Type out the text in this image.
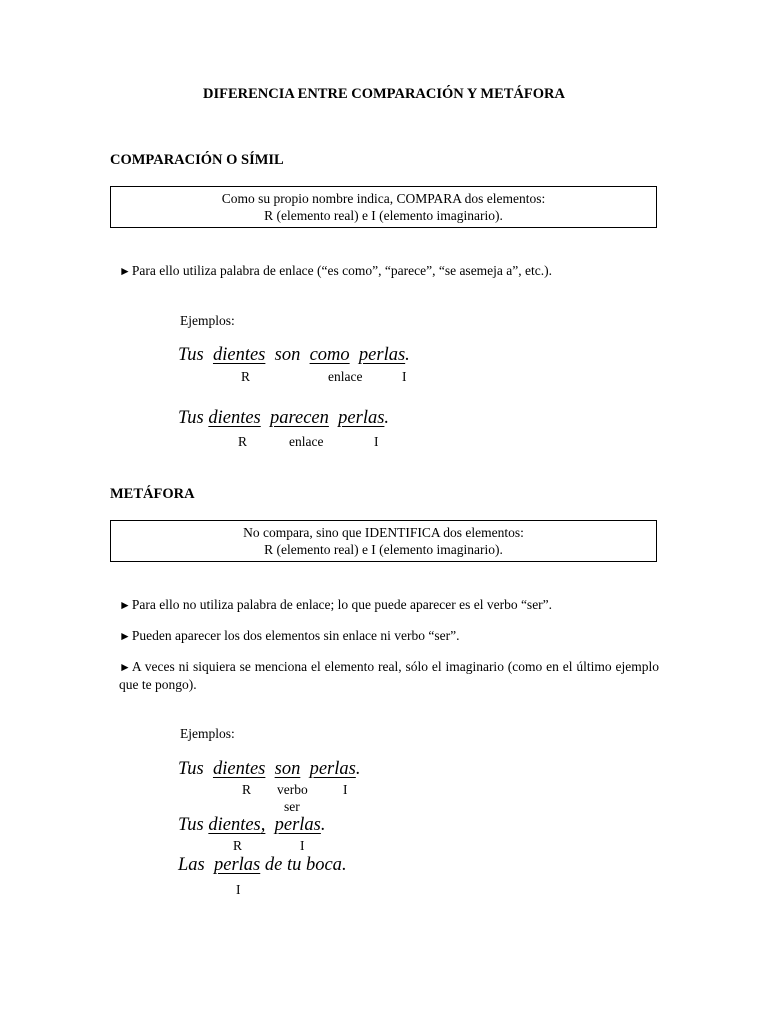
DIFERENCIA ENTRE COMPARACIÓN Y METÁFORA
COMPARACIÓN O SÍMIL
Como su propio nombre indica, COMPARA dos elementos:
R (elemento real) e I (elemento imaginario).
►Para ello utiliza palabra de enlace (“es como”, “parece”, “se asemeja a”, etc.).
Ejemplos:
Tus dientes son como perlas.
R	enlace	I
Tus dientes parecen perlas.
R	enlace	I
METÁFORA
No compara, sino que IDENTIFICA dos elementos:
R (elemento real) e I (elemento imaginario).
►Para ello no utiliza palabra de enlace; lo que puede aparecer es el verbo “ser”.
►Pueden aparecer los dos elementos sin enlace ni verbo “ser”.
►A veces ni siquiera se menciona el elemento real, sólo el imaginario (como en el último ejemplo que te pongo).
Ejemplos:
Tus dientes son perlas.
R verbo
ser
I
Tus dientes, perlas.
R	I
Las perlas de tu boca.
I
